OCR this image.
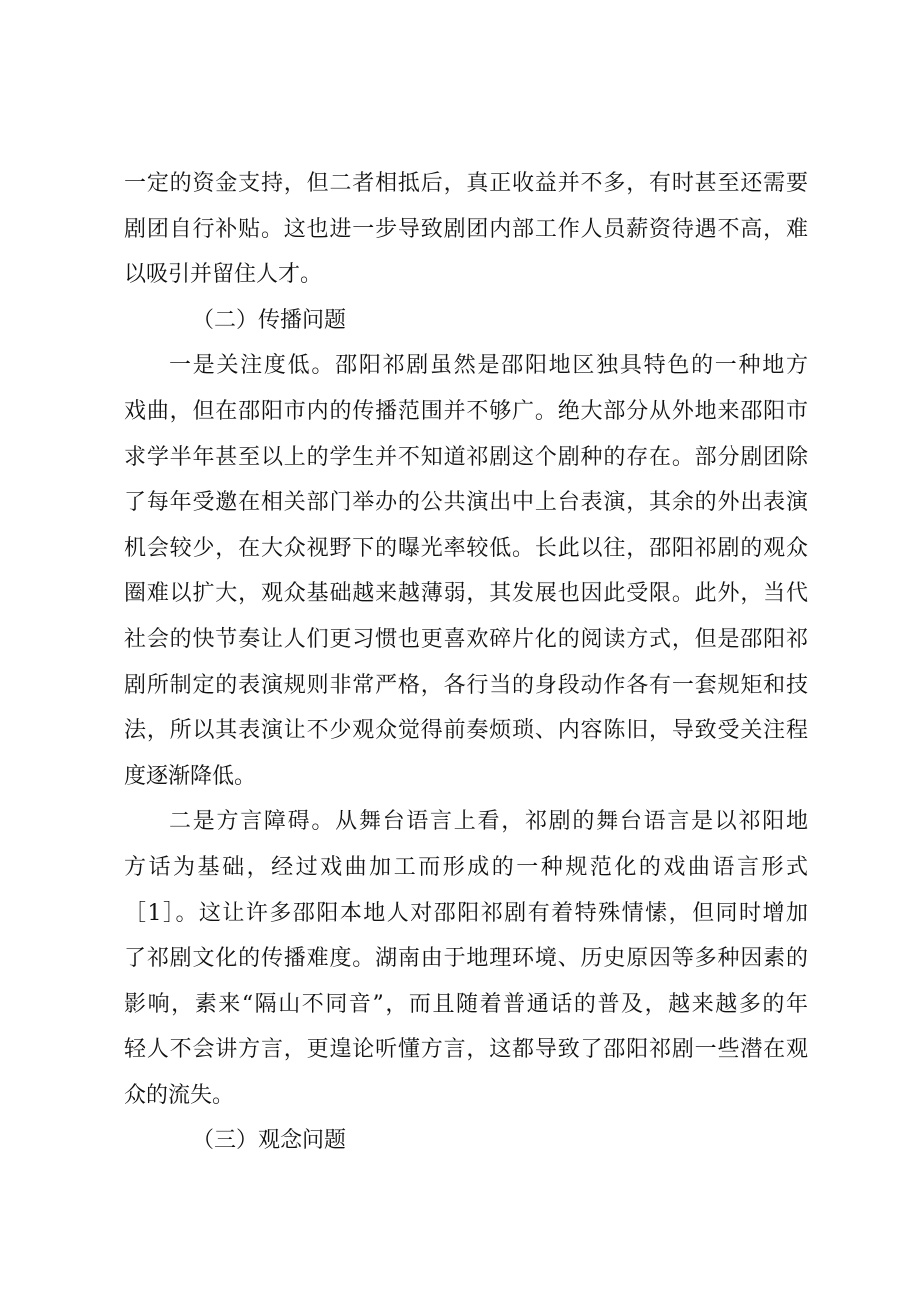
一定的资金支持，但二者相抵后，真正收益并不多，有时甚至还需要
剧团自行补贴。这也进一步导致剧团内部工作人员薪资待遇不高，难
以吸引并留住人才。
（二）传播问题
一是关注度低。邵阳祁剧虽然是邵阳地区独具特色的一种地方
戏曲，但在邵阳市内的传播范围并不够广。绝大部分从外地来邵阳市
求学半年甚至以上的学生并不知道祁剧这个剧种的存在。部分剧团除
了每年受邀在相关部门举办的公共演出中上台表演，其余的外出表演
机会较少，在大众视野下的曝光率较低。长此以往，邵阳祁剧的观众
圈难以扩大，观众基础越来越薄弱，其发展也因此受限。此外，当代
社会的快节奏让人们更习惯也更喜欢碎片化的阅读方式，但是邵阳祁
剧所制定的表演规则非常严格，各行当的身段动作各有一套规矩和技
法，所以其表演让不少观众觉得前奏烦琐、内容陈旧，导致受关注程
度逐渐降低。
二是方言障碍。从舞台语言上看，祁剧的舞台语言是以祁阳地
方话为基础，经过戏曲加工而形成的一种规范化的戏曲语言形式
［1］。这让许多邵阳本地人对邵阳祁剧有着特殊情愫，但同时增加
了祁剧文化的传播难度。湖南由于地理环境、历史原因等多种因素的
影响，素来“隔山不同音”，而且随着普通话的普及，越来越多的年
轻人不会讲方言，更遑论听懂方言，这都导致了邵阳祁剧一些潜在观
众的流失。
（三）观念问题
